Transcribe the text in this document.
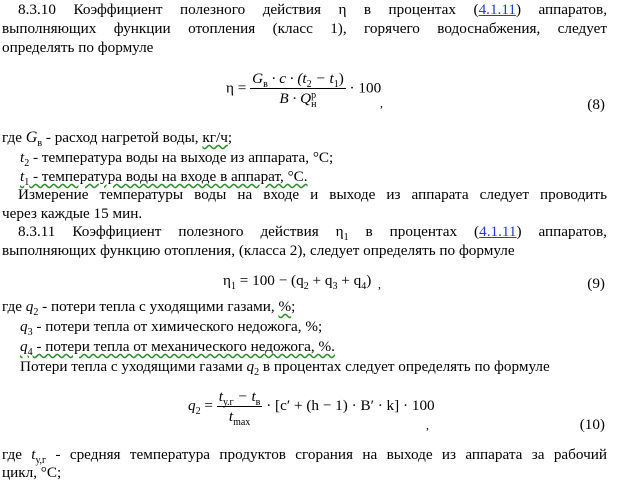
8.3.10 Коэффициент полезного действия η в процентах (4.1.11) аппаратов,
выполняющих функции отопления (класс 1), горячего водоснабжения, следует
определять по формуле
$\eta = G_в \cdot c \cdot (t_2 - t_1)$
B · Q р
н · 100
,	(8)
где $G_в$ - расход нагретой воды, кг/ч;
$t_2$ - температура воды на выходе из аппарата, °С;
$t_1$ - температура воды на входе в аппарат, °С.
Измерение температуры воды на входе и выходе из аппарата следует проводить
через каждые 15 мин.
8.3.11 Коэффициент полезного действия $\eta_1$ в процентах (4.1.11) аппаратов,
выполняющих функцию отопления, (класса 2), следует определять по формуле
$\eta_1 = 100 - (q_2 + q_3 + q_4)$ ,	(9)
где $q_2$ - потери тепла с уходящими газами, %;
$q_3$ - потери тепла от химического недожога, %;
$q_4$ - потери тепла от механического недожога, %.
Потери тепла с уходящими газами $q_2$ в процентах следует определять по формуле
$q_2 = \frac{t_{у.г} - t_в}{t_{max}} \cdot [c' + (h - 1) \cdot B' \cdot k] \cdot 100$
,	(10)
где $t_{у,г}$ - средняя температура продуктов сгорания на выходе из аппарата за рабочий
цикл, °С;
